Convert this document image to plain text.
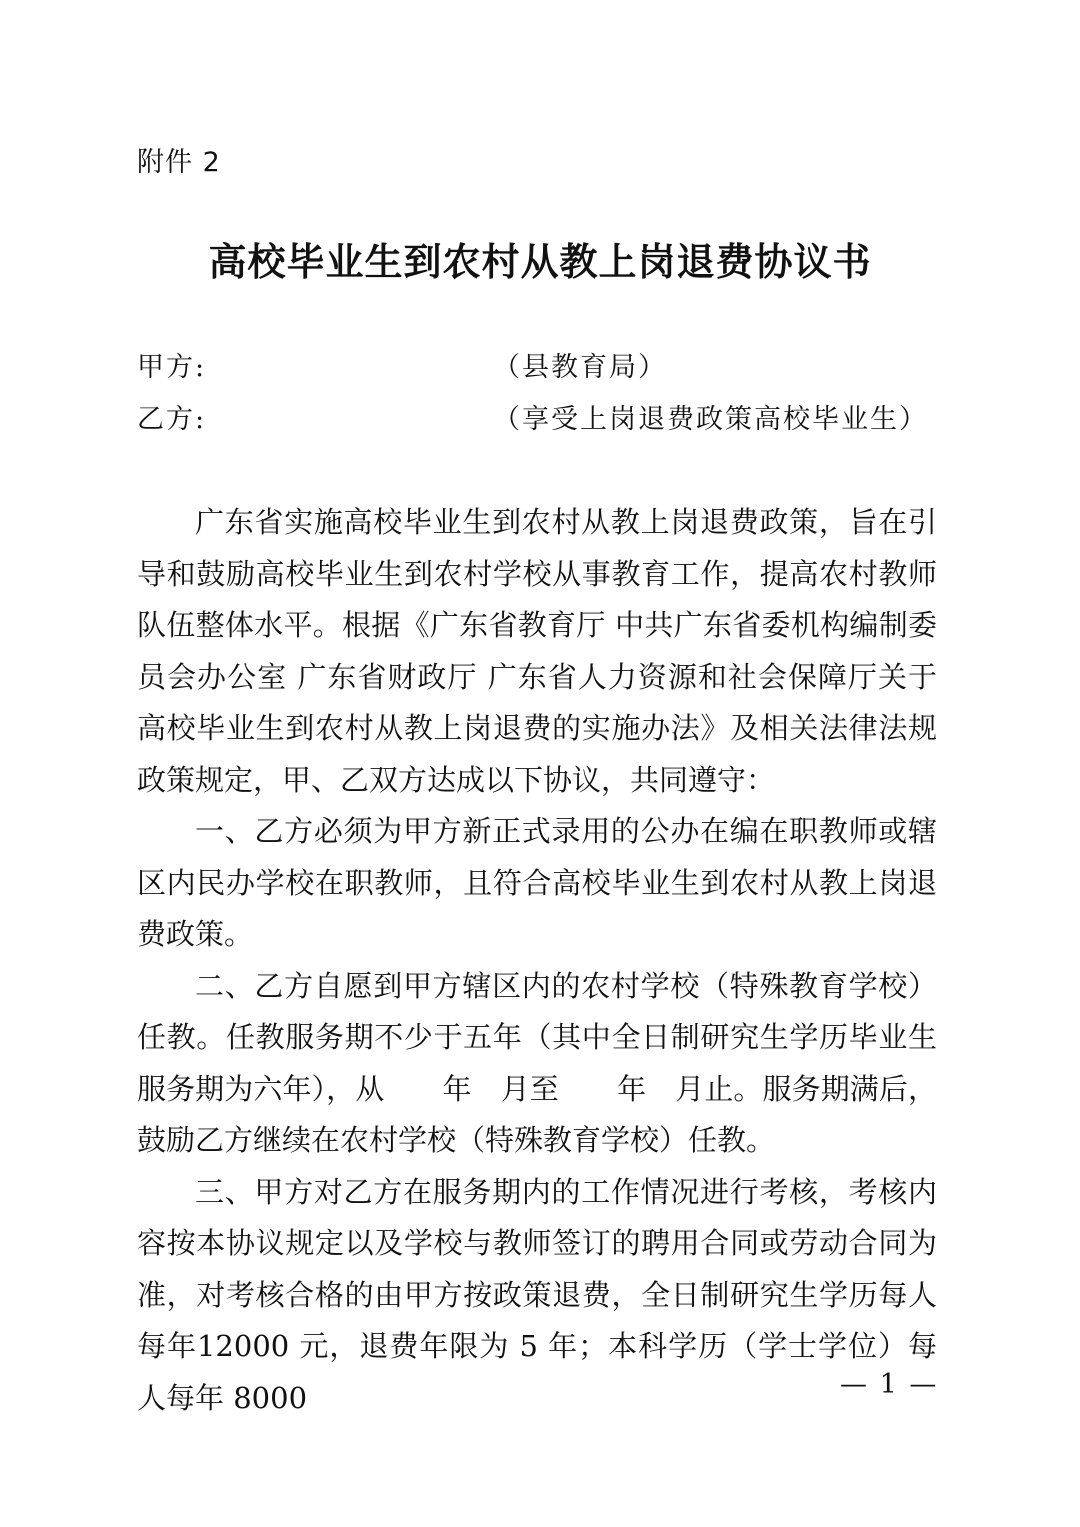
附件 2
高校毕业生到农村从教上岗退费协议书
甲方:	（县教育局）
乙方:	（享受上岗退费政策高校毕业生）

广东省实施高校毕业生到农村从教上岗退费政策，旨在引导和鼓励高校毕业生到农村学校从事教育工作，提高农村教师队伍整体水平。根据《广东省教育厅 中共广东省委机构编制委员会办公室 广东省财政厅 广东省人力资源和社会保障厅关于高校毕业生到农村从教上岗退费的实施办法》及相关法律法规政策规定，甲、乙双方达成以下协议，共同遵守：

一、乙方必须为甲方新正式录用的公办在编在职教师或辖区内民办学校在职教师，且符合高校毕业生到农村从教上岗退费政策。

二、乙方自愿到甲方辖区内的农村学校（特殊教育学校）任教。任教服务期不少于五年（其中全日制研究生学历毕业生服务期为六年），从　　年　月至　　年　月止。服务期满后，鼓励乙方继续在农村学校（特殊教育学校）任教。

三、甲方对乙方在服务期内的工作情况进行考核，考核内容按本协议规定以及学校与教师签订的聘用合同或劳动合同为准，对考核合格的由甲方按政策退费，全日制研究生学历每人每年12000 元，退费年限为 5 年；本科学历（学士学位）每人每年 8000	— 1 —
